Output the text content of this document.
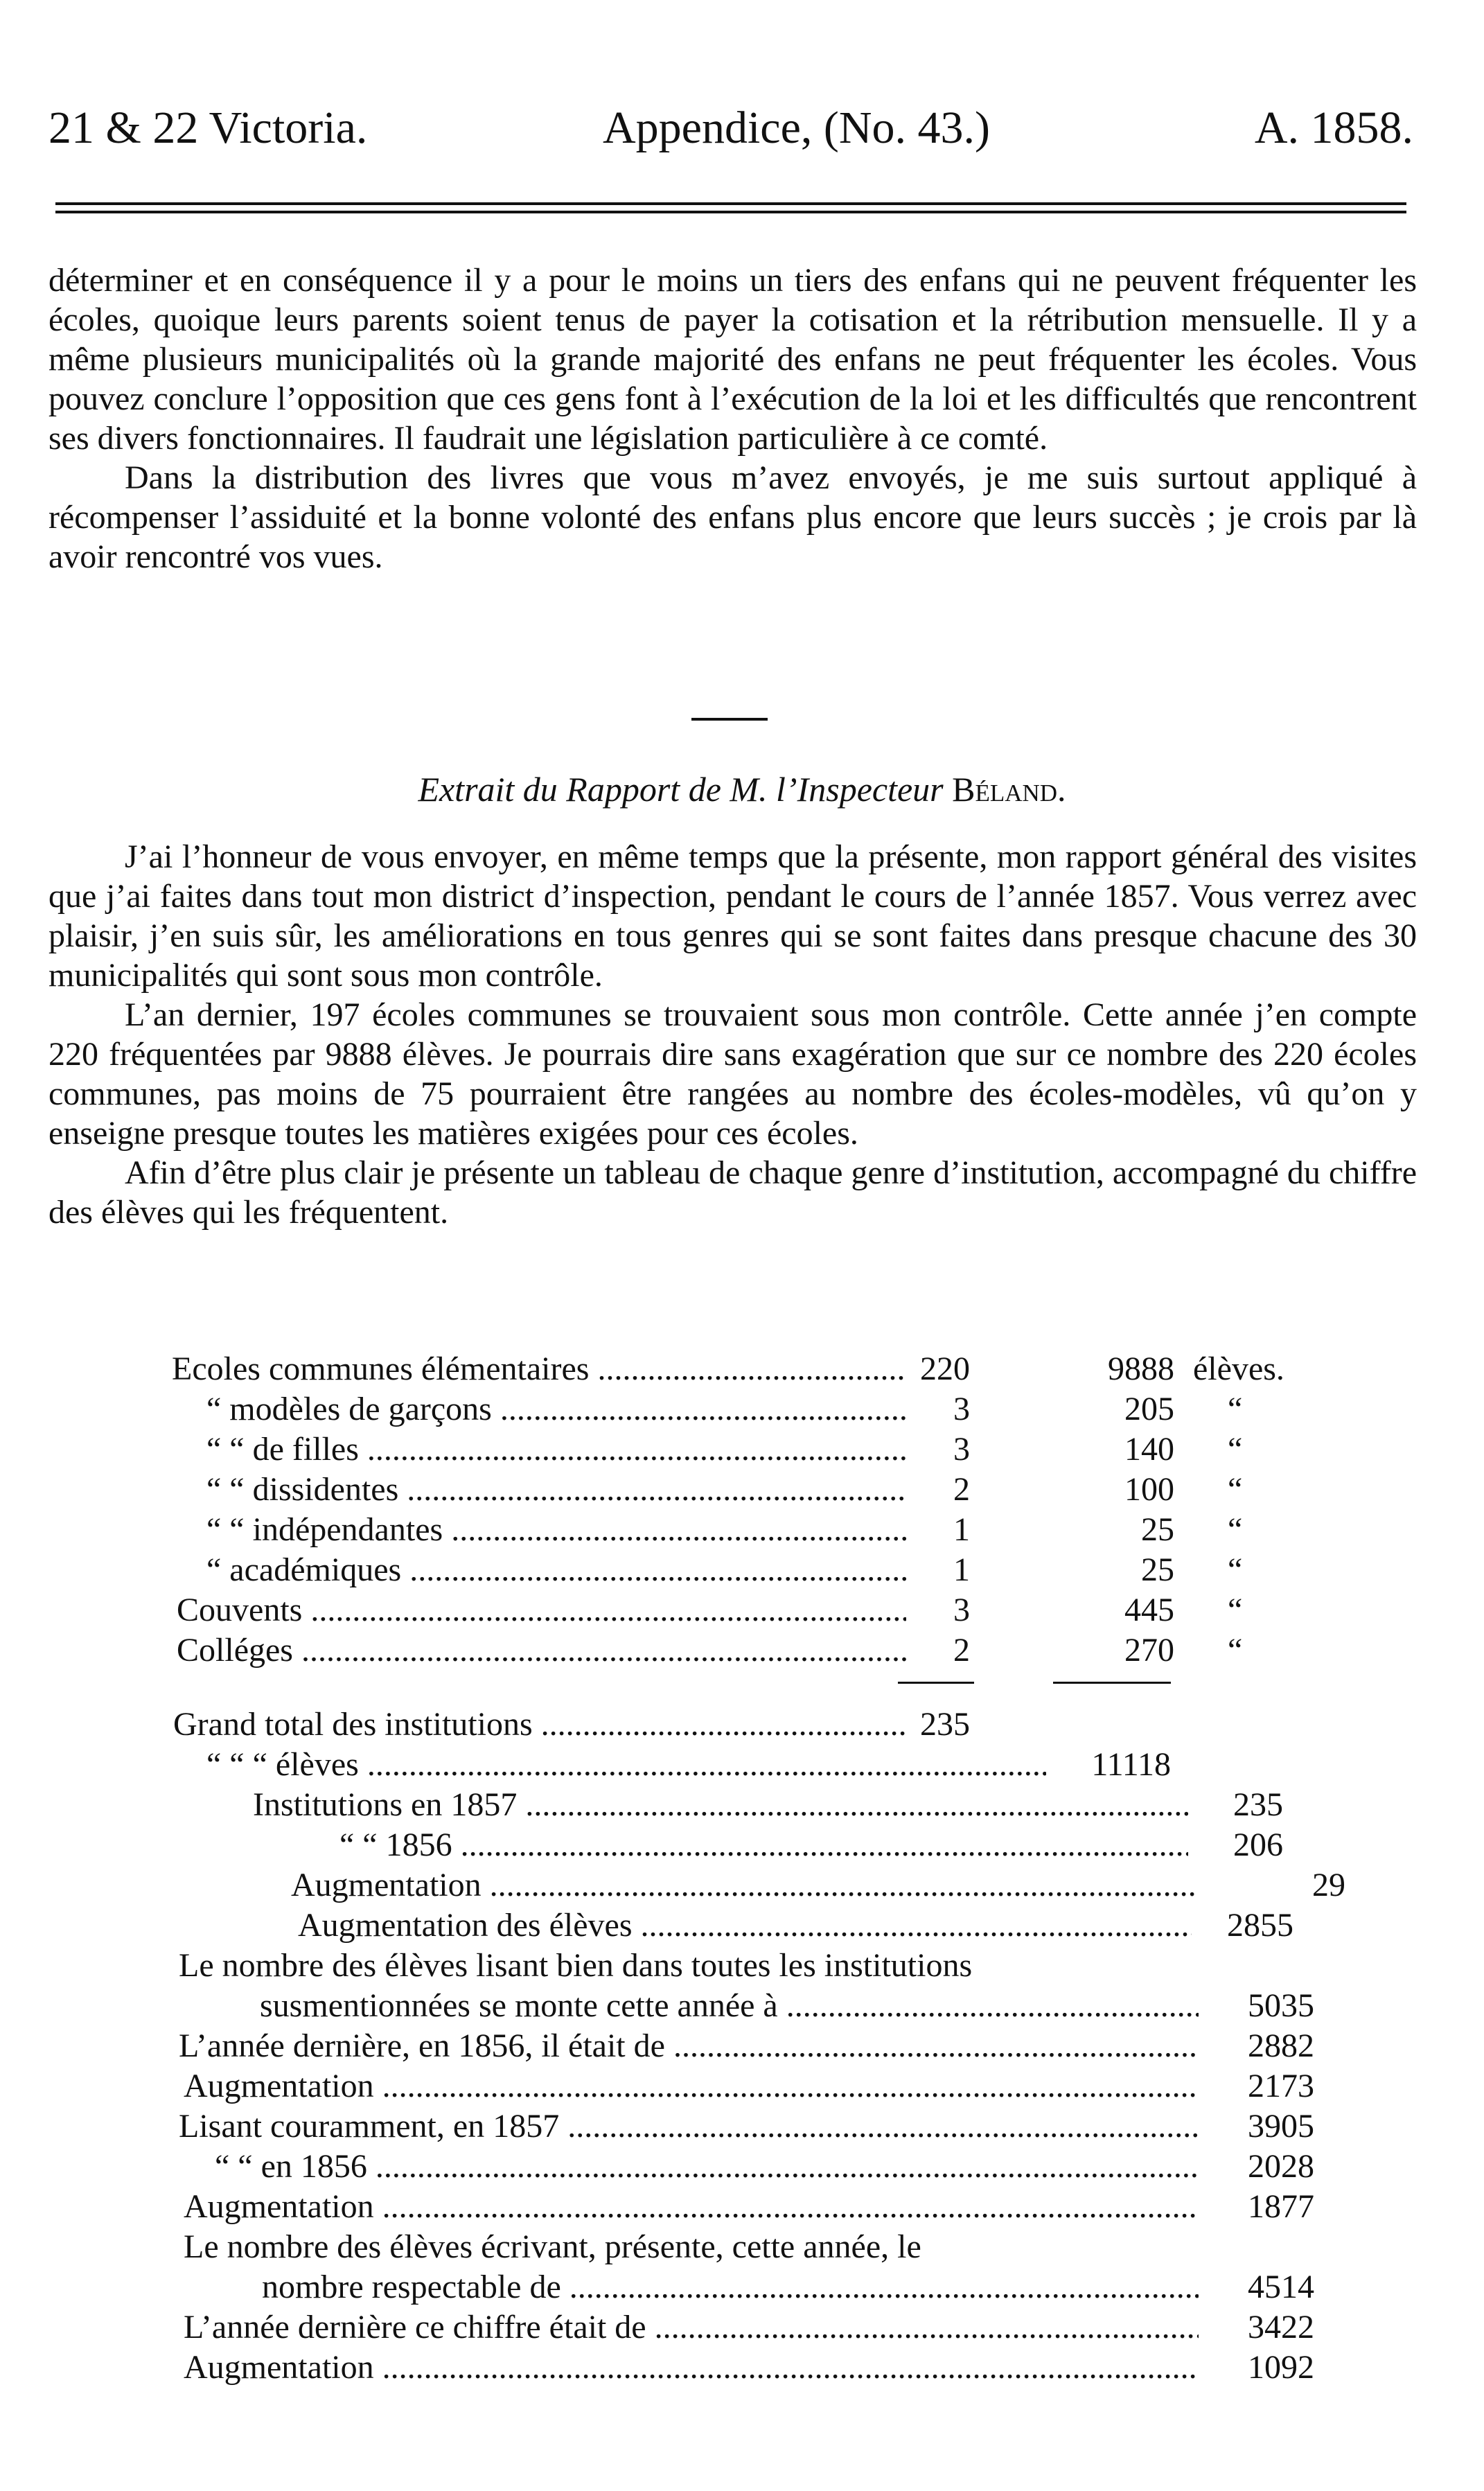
21 & 22 Victoria.	Appendice, (No. 43.)	A. 1858.

déterminer et en conséquence il y a pour le moins un tiers des enfans qui ne peuvent fréquenter les écoles, quoique leurs parents soient tenus de payer la cotisation et la rétribution mensuelle. Il y a même plusieurs municipalités où la grande majorité des enfans ne peut fréquenter les écoles. Vous pouvez conclure l’opposition que ces gens font à l’exécution de la loi et les difficultés que rencontrent ses divers fonctionnaires. Il faudrait une législation particulière à ce comté.

Dans la distribution des livres que vous m’avez envoyés, je me suis surtout appliqué à récompenser l’assiduité et la bonne volonté des enfans plus encore que leurs succès ; je crois par là avoir rencontré vos vues.

Extrait du Rapport de M. l’Inspecteur Béland.

J’ai l’honneur de vous envoyer, en même temps que la présente, mon rapport général des visites que j’ai faites dans tout mon district d’inspection, pendant le cours de l’année 1857. Vous verrez avec plaisir, j’en suis sûr, les améliorations en tous genres qui se sont faites dans presque chacune des 30 municipalités qui sont sous mon contrôle.

L’an dernier, 197 écoles communes se trouvaient sous mon contrôle. Cette année j’en compte 220 fréquentées par 9888 élèves. Je pourrais dire sans exagération que sur ce nombre des 220 écoles communes, pas moins de 75 pourraient être rangées au nombre des écoles-modèles, vû qu’on y enseigne presque toutes les matières exigées pour ces écoles.

Afin d’être plus clair je présente un tableau de chaque genre d’institution, accompagné du chiffre des élèves qui les fréquentent.

Ecoles communes élémentaires .....	220	9888 élèves.
“ modèles de garçons .....	3	205 “
“ “ de filles .....	3	140 “
“ “ dissidentes .....	2	100 “
“ “ indépendantes .....	1	25 “
“ académiques .....	1	25 “
Couvents .....	3	445 “
Colléges .....	2	270 “
Grand total des institutions .....	235
“ “ “ élèves .....	11118
Institutions en 1857 .....	235
“ “ 1856 .....	206
Augmentation .....	29
Augmentation des élèves .....	2855
Le nombre des élèves lisant bien dans toutes les institutions
susmentionnées se monte cette année à .....	5035
L’année dernière, en 1856, il était de .....	2882
Augmentation .....	2173
Lisant couramment, en 1857 .....	3905
“ “ en 1856 .....	2028
Augmentation .....	1877
Le nombre des élèves écrivant, présente, cette année, le
nombre respectable de .....	4514
L’année dernière ce chiffre était de .....	3422
Augmentation .....	1092
